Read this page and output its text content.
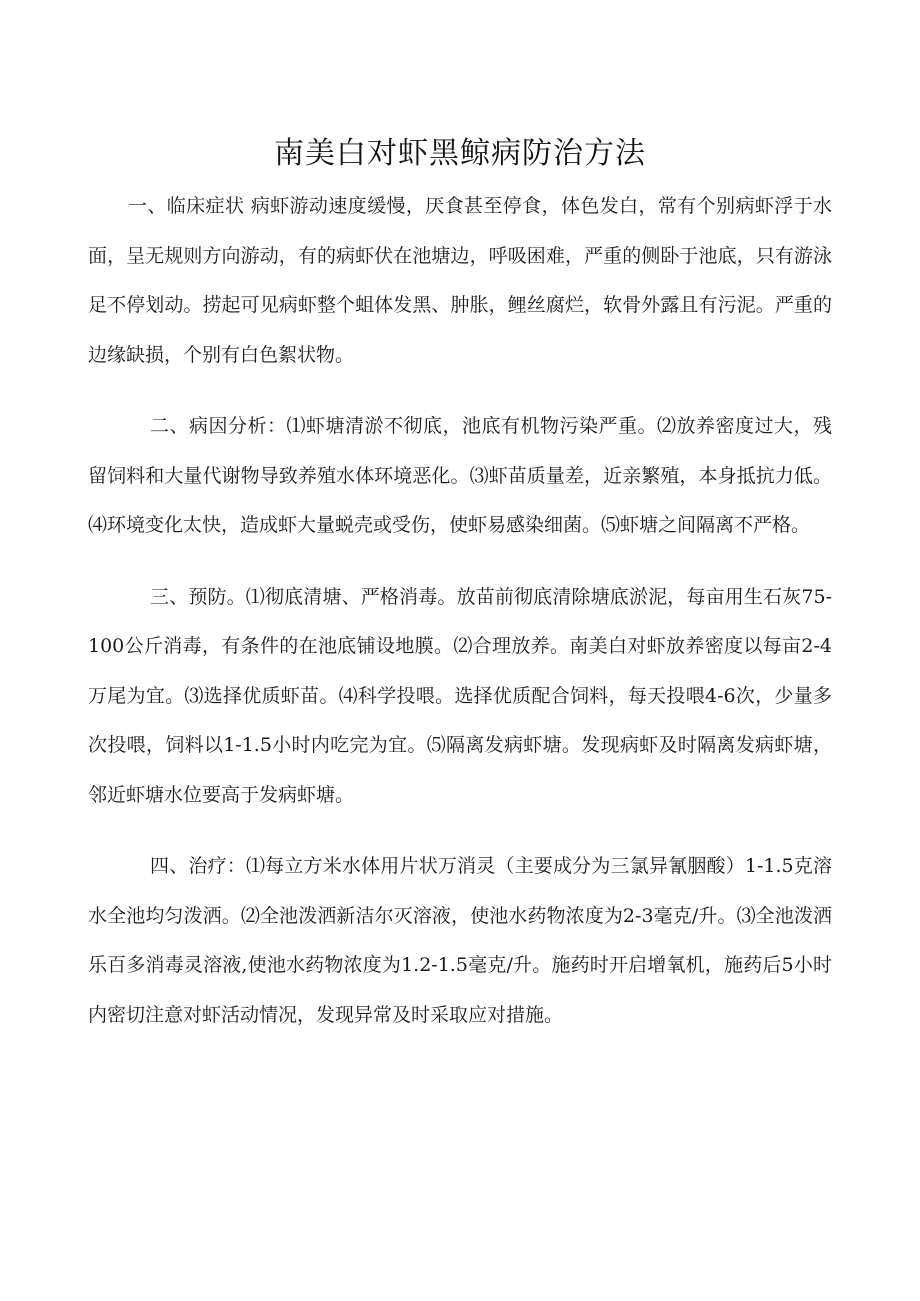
南美白对虾黑鲸病防治方法

一、临床症状 病虾游动速度缓慢，厌食甚至停食，体色发白，常有个别病虾浮于水面，呈无规则方向游动，有的病虾伏在池塘边，呼吸困难，严重的侧卧于池底，只有游泳足不停划动。捞起可见病虾整个蛆体发黑、肿胀，鲤丝腐烂，软骨外露且有污泥。严重的边缘缺损，个别有白色絮状物。

二、病因分析：⑴虾塘清淤不彻底，池底有机物污染严重。⑵放养密度过大，残留饲料和大量代谢物导致养殖水体环境恶化。⑶虾苗质量差，近亲繁殖，本身抵抗力低。⑷环境变化太快，造成虾大量蜕壳或受伤，使虾易感染细菌。⑸虾塘之间隔离不严格。

三、预防。⑴彻底清塘、严格消毒。放苗前彻底清除塘底淤泥，每亩用生石灰75-100公斤消毒，有条件的在池底铺设地膜。⑵合理放养。南美白对虾放养密度以每亩2-4万尾为宜。⑶选择优质虾苗。⑷科学投喂。选择优质配合饲料，每天投喂4-6次，少量多次投喂，饲料以1-1.5小时内吃完为宜。⑸隔离发病虾塘。发现病虾及时隔离发病虾塘，邻近虾塘水位要高于发病虾塘。

四、治疗：⑴每立方米水体用片状万消灵（主要成分为三氯异氰胭酸）1-1.5克溶水全池均匀泼洒。⑵全池泼洒新洁尔灭溶液，使池水药物浓度为2-3毫克/升。⑶全池泼洒乐百多消毒灵溶液,使池水药物浓度为1.2-1.5毫克/升。施药时开启增氧机，施药后5小时内密切注意对虾活动情况，发现异常及时采取应对措施。
